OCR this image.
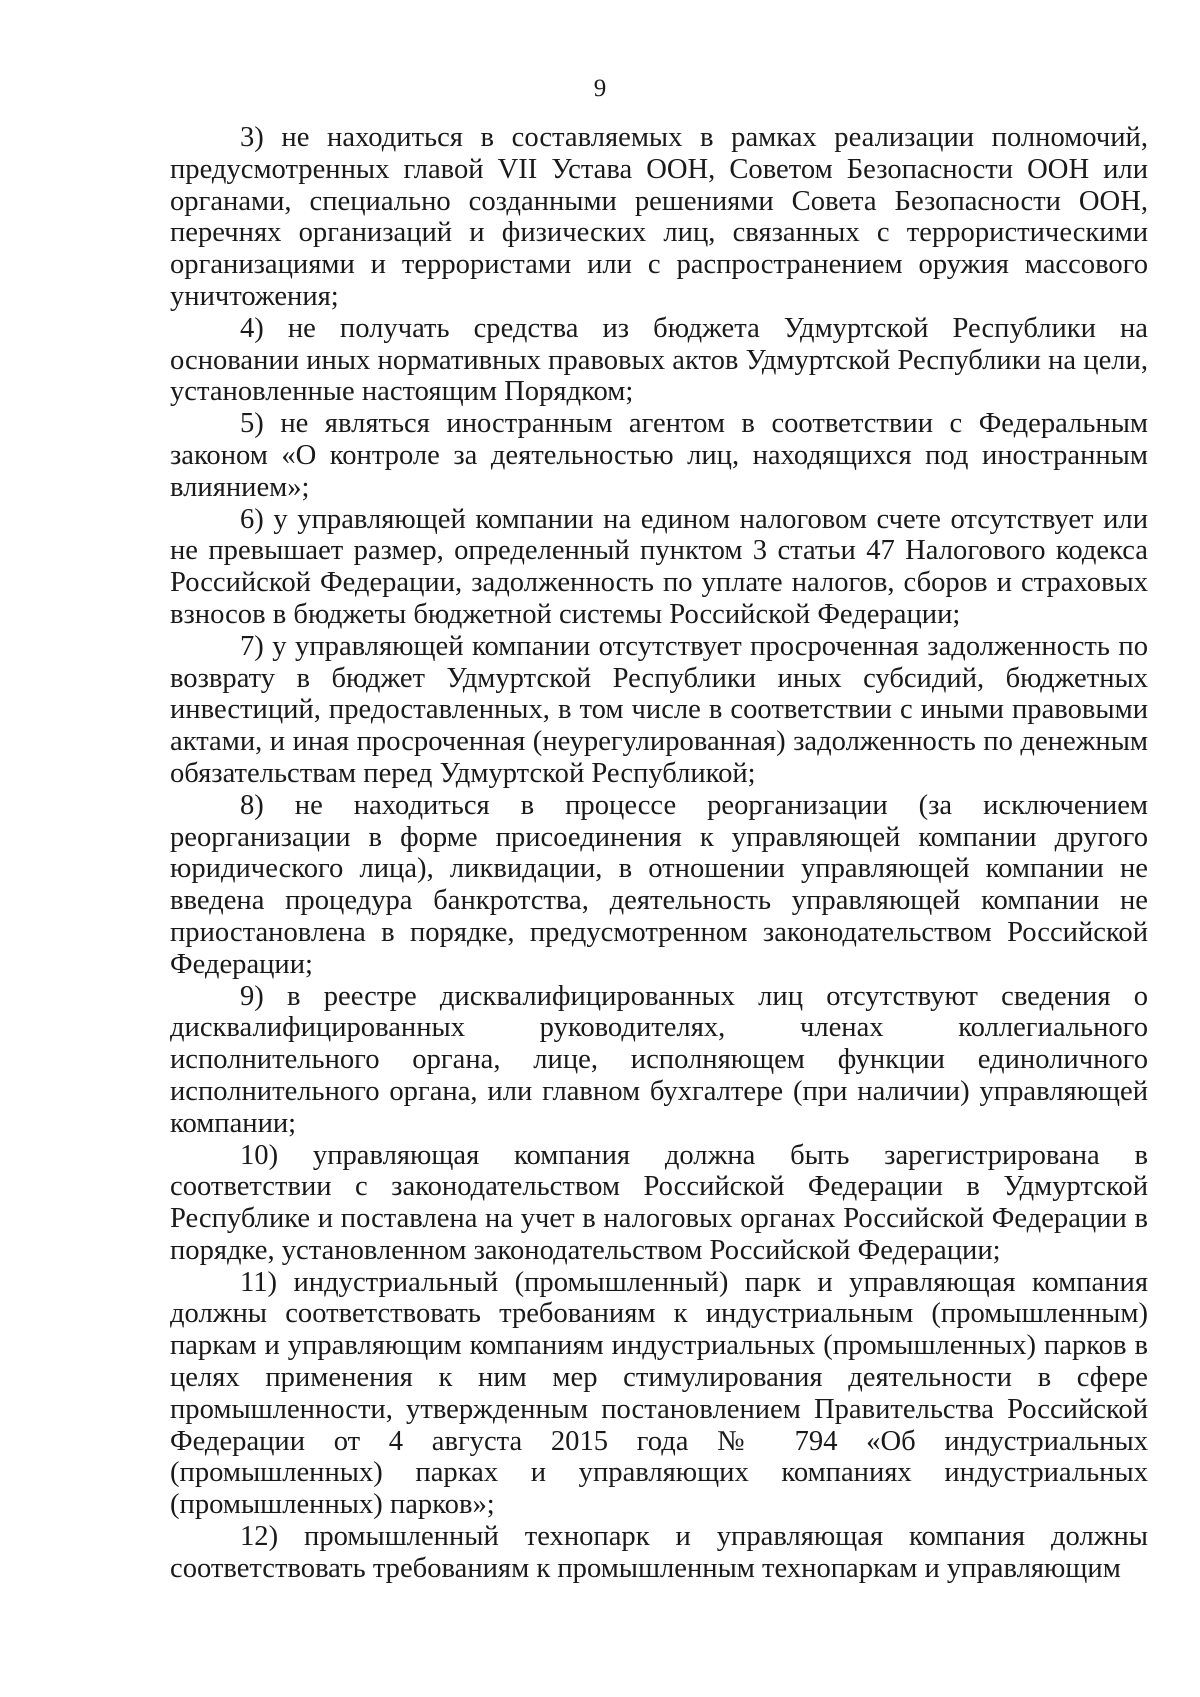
9

3) не находиться в составляемых в рамках реализации полномочий, предусмотренных главой VII Устава ООН, Советом Безопасности ООН или органами, специально созданными решениями Совета Безопасности ООН, перечнях организаций и физических лиц, связанных с террористическими организациями и террористами или с распространением оружия массового уничтожения;

4) не получать средства из бюджета Удмуртской Республики на основании иных нормативных правовых актов Удмуртской Республики на цели, установленные настоящим Порядком;

5) не являться иностранным агентом в соответствии с Федеральным законом «О контроле за деятельностью лиц, находящихся под иностранным влиянием»;

6) у управляющей компании на едином налоговом счете отсутствует или не превышает размер, определенный пунктом 3 статьи 47 Налогового кодекса Российской Федерации, задолженность по уплате налогов, сборов и страховых взносов в бюджеты бюджетной системы Российской Федерации;

7) у управляющей компании отсутствует просроченная задолженность по возврату в бюджет Удмуртской Республики иных субсидий, бюджетных инвестиций, предоставленных, в том числе в соответствии с иными правовыми актами, и иная просроченная (неурегулированная) задолженность по денежным обязательствам перед Удмуртской Республикой;

8) не находиться в процессе реорганизации (за исключением реорганизации в форме присоединения к управляющей компании другого юридического лица), ликвидации, в отношении управляющей компании не введена процедура банкротства, деятельность управляющей компании не приостановлена в порядке, предусмотренном законодательством Российской Федерации;

9) в реестре дисквалифицированных лиц отсутствуют сведения о дисквалифицированных руководителях, членах коллегиального исполнительного органа, лице, исполняющем функции единоличного исполнительного органа, или главном бухгалтере (при наличии) управляющей компании;

10) управляющая компания должна быть зарегистрирована в соответствии с законодательством Российской Федерации в Удмуртской Республике и поставлена на учет в налоговых органах Российской Федерации в порядке, установленном законодательством Российской Федерации;

11) индустриальный (промышленный) парк и управляющая компания должны соответствовать требованиям к индустриальным (промышленным) паркам и управляющим компаниям индустриальных (промышленных) парков в целях применения к ним мер стимулирования деятельности в сфере промышленности, утвержденным постановлением Правительства Российской Федерации от 4 августа 2015 года № 794 «Об индустриальных (промышленных) парках и управляющих компаниях индустриальных (промышленных) парков»;

12) промышленный технопарк и управляющая компания должны соответствовать требованиям к промышленным технопаркам и управляющим
